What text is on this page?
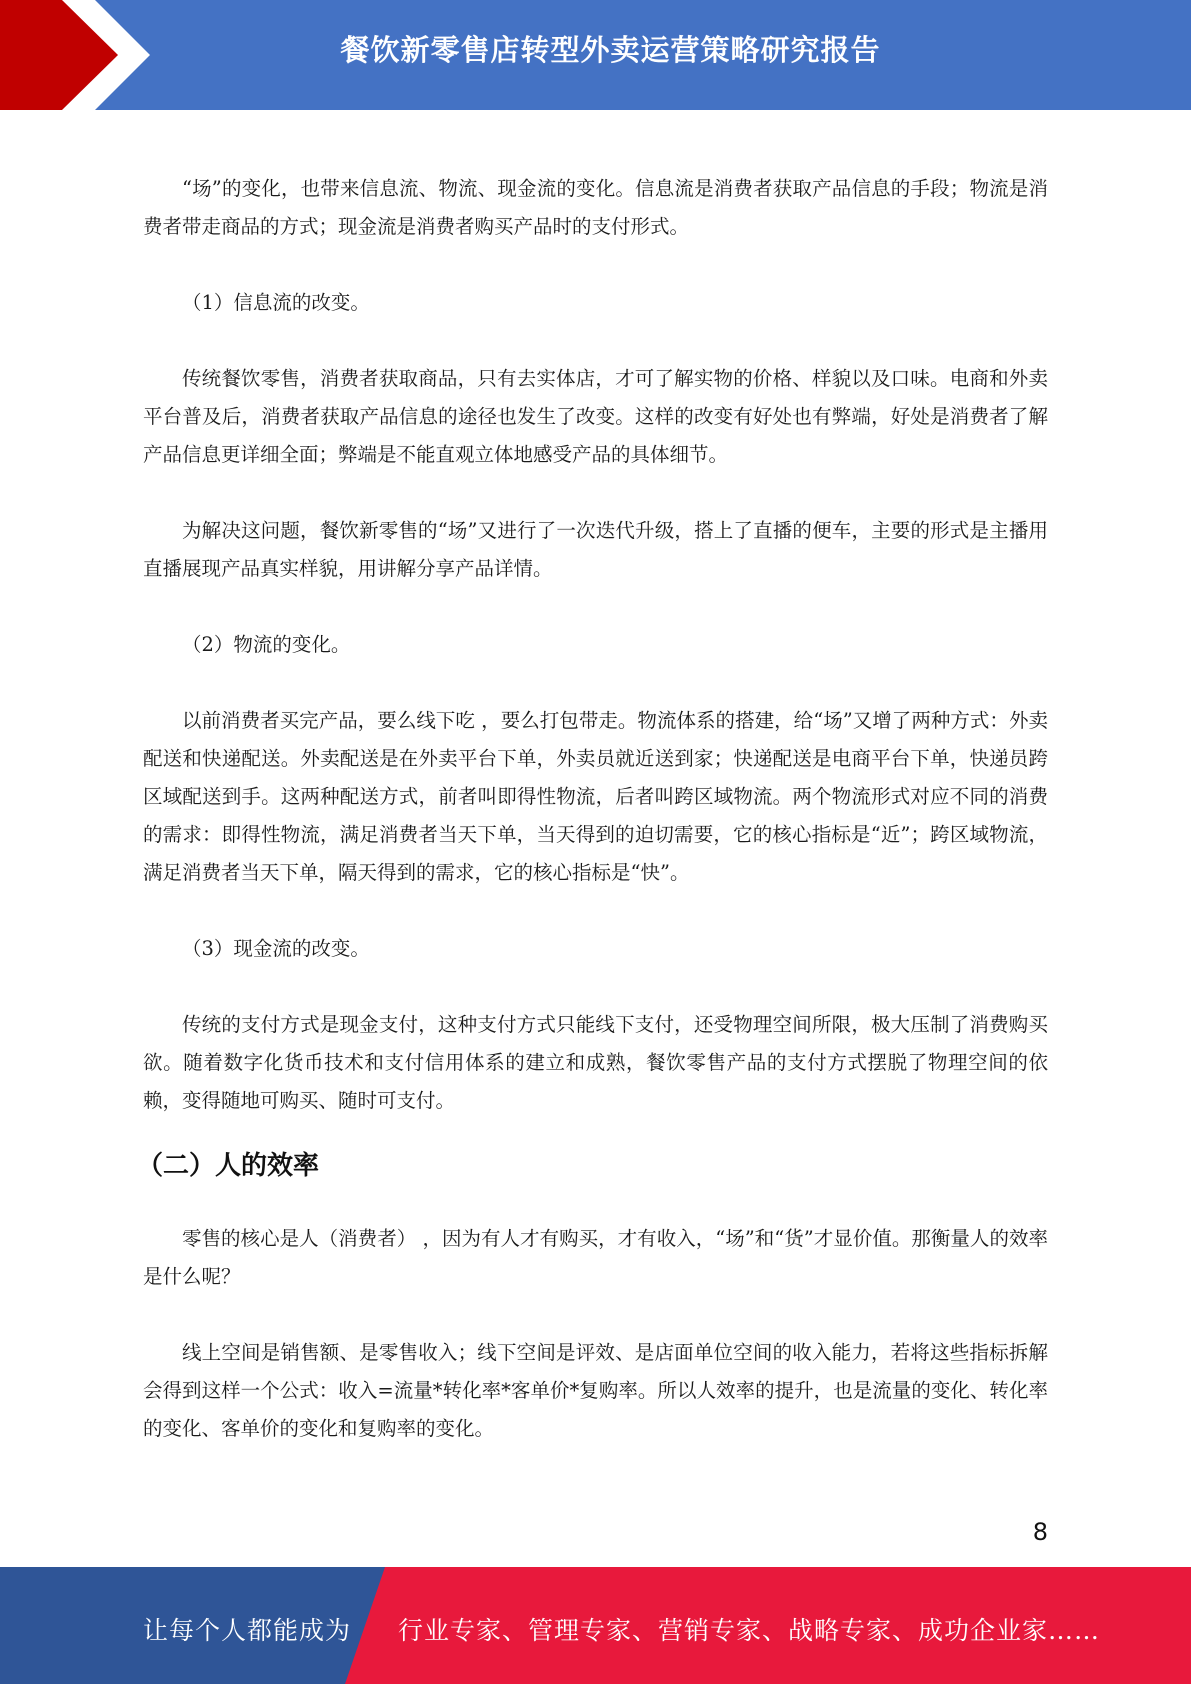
餐饮新零售店转型外卖运营策略研究报告

“场”的变化，也带来信息流、物流、现金流的变化。信息流是消费者获取产品信息的手段；物流是消费者带走商品的方式；现金流是消费者购买产品时的支付形式。

（1）信息流的改变。

传统餐饮零售，消费者获取商品，只有去实体店，才可了解实物的价格、样貌以及口味。电商和外卖平台普及后，消费者获取产品信息的途径也发生了改变。这样的改变有好处也有弊端，好处是消费者了解产品信息更详细全面；弊端是不能直观立体地感受产品的具体细节。

为解决这问题，餐饮新零售的“场”又进行了一次迭代升级，搭上了直播的便车，主要的形式是主播用直播展现产品真实样貌，用讲解分享产品详情。

（2）物流的变化。

以前消费者买完产品，要么线下吃 ，要么打包带走。物流体系的搭建，给“场”又增了两种方式：外卖配送和快递配送。外卖配送是在外卖平台下单，外卖员就近送到家；快递配送是电商平台下单，快递员跨区域配送到手。这两种配送方式，前者叫即得性物流，后者叫跨区域物流。两个物流形式对应不同的消费的需求：即得性物流，满足消费者当天下单，当天得到的迫切需要，它的核心指标是“近”；跨区域物流，满足消费者当天下单，隔天得到的需求，它的核心指标是“快”。

（3）现金流的改变。

传统的支付方式是现金支付，这种支付方式只能线下支付，还受物理空间所限，极大压制了消费购买欲。随着数字化货币技术和支付信用体系的建立和成熟，餐饮零售产品的支付方式摆脱了物理空间的依赖，变得随地可购买、随时可支付。

（二）人的效率

零售的核心是人（消费者） ，因为有人才有购买，才有收入，“场”和“货”才显价值。那衡量人的效率是什么呢？

线上空间是销售额、是零售收入；线下空间是评效、是店面单位空间的收入能力，若将这些指标拆解会得到这样一个公式：收入=流量*转化率*客单价*复购率。所以人效率的提升，也是流量的变化、转化率的变化、客单价的变化和复购率的变化。

8
让每个人都能成为 行业专家、管理专家、营销专家、战略专家、成功企业家……
